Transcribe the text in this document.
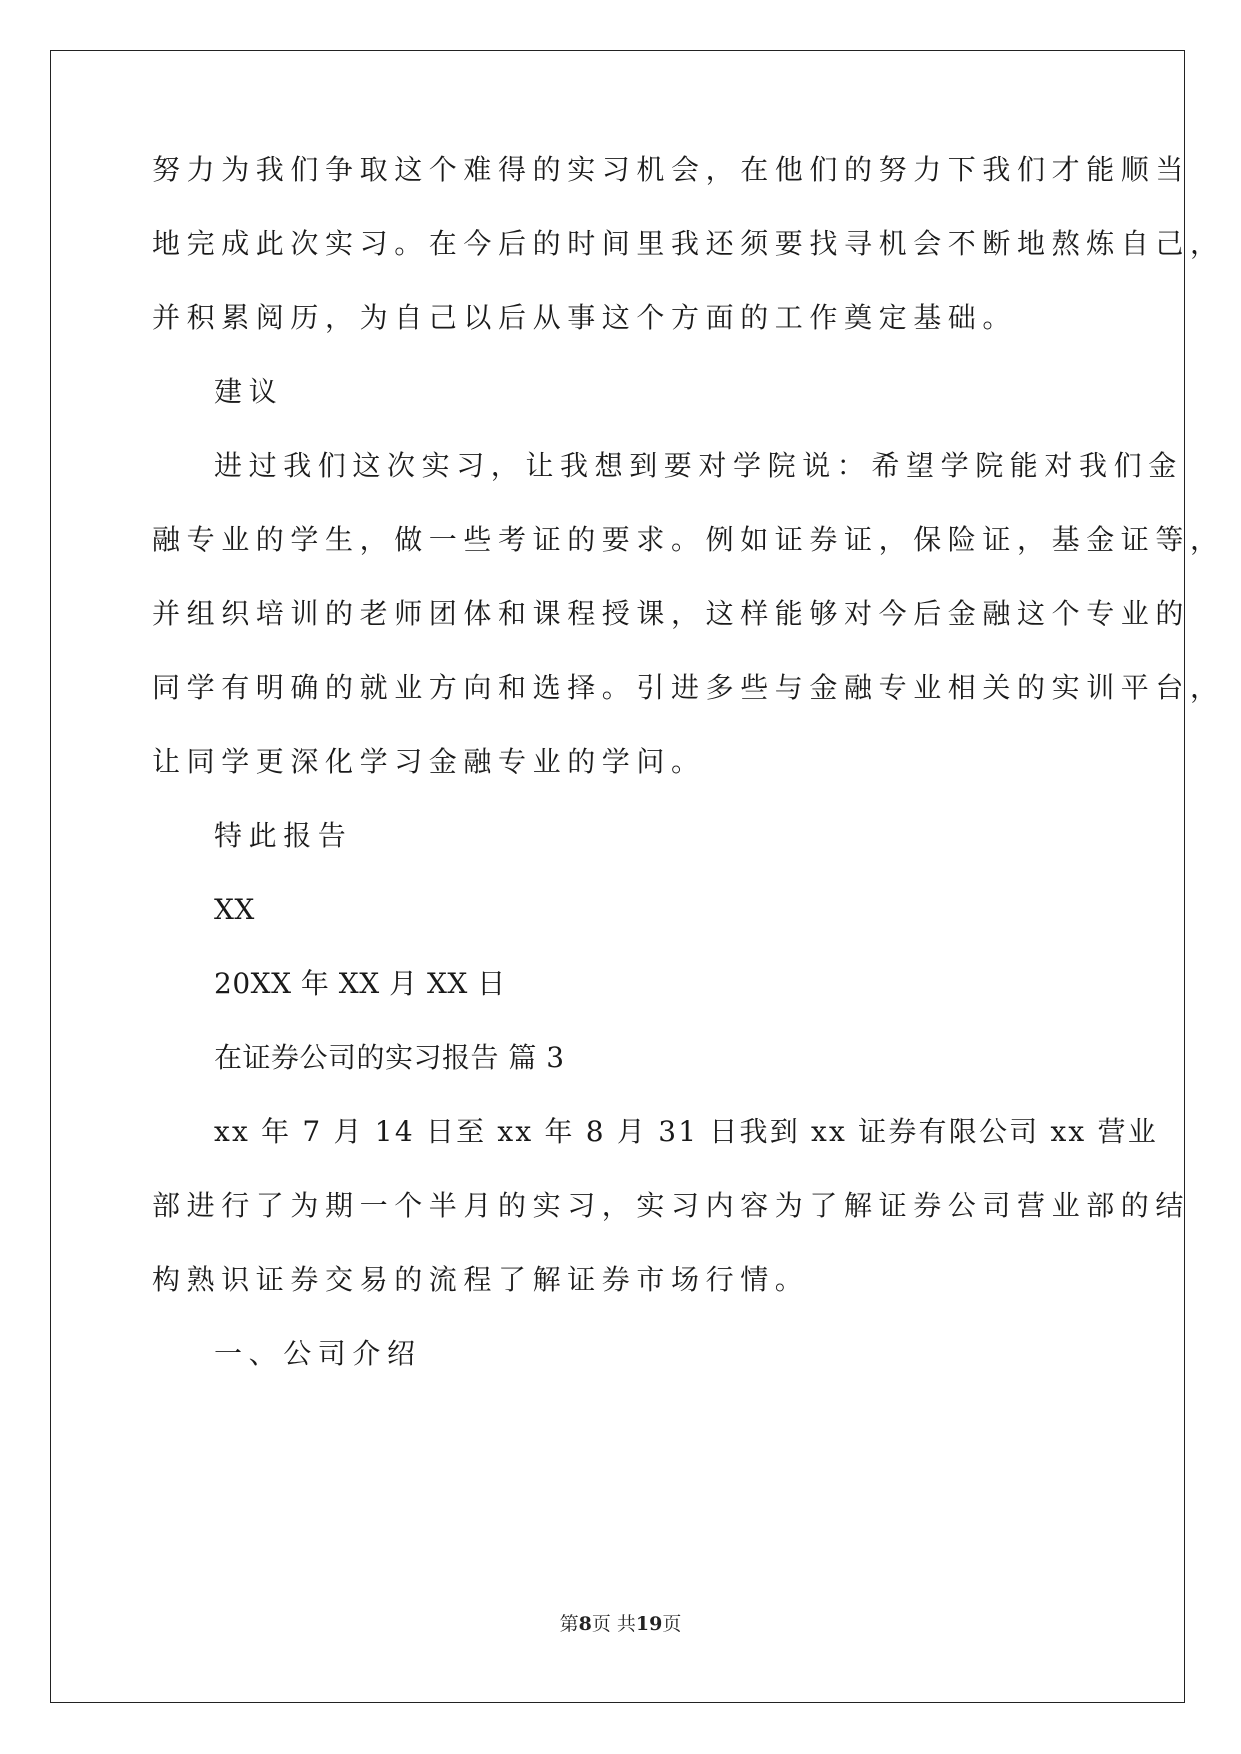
努力为我们争取这个难得的实习机会，在他们的努力下我们才能顺当
地完成此次实习。在今后的时间里我还须要找寻机会不断地熬炼自己，
并积累阅历，为自己以后从事这个方面的工作奠定基础。
建议
进过我们这次实习，让我想到要对学院说：希望学院能对我们金
融专业的学生，做一些考证的要求。例如证券证，保险证，基金证等，
并组织培训的老师团体和课程授课，这样能够对今后金融这个专业的
同学有明确的就业方向和选择。引进多些与金融专业相关的实训平台，
让同学更深化学习金融专业的学问。
特此报告
XX
20XX 年 XX 月 XX 日
在证券公司的实习报告 篇 3
xx 年 7 月 14 日至 xx 年 8 月 31 日我到 xx 证券有限公司 xx 营业
部进行了为期一个半月的实习，实习内容为了解证券公司营业部的结
构熟识证券交易的流程了解证券市场行情。
一、公司介绍
第8页 共19页
